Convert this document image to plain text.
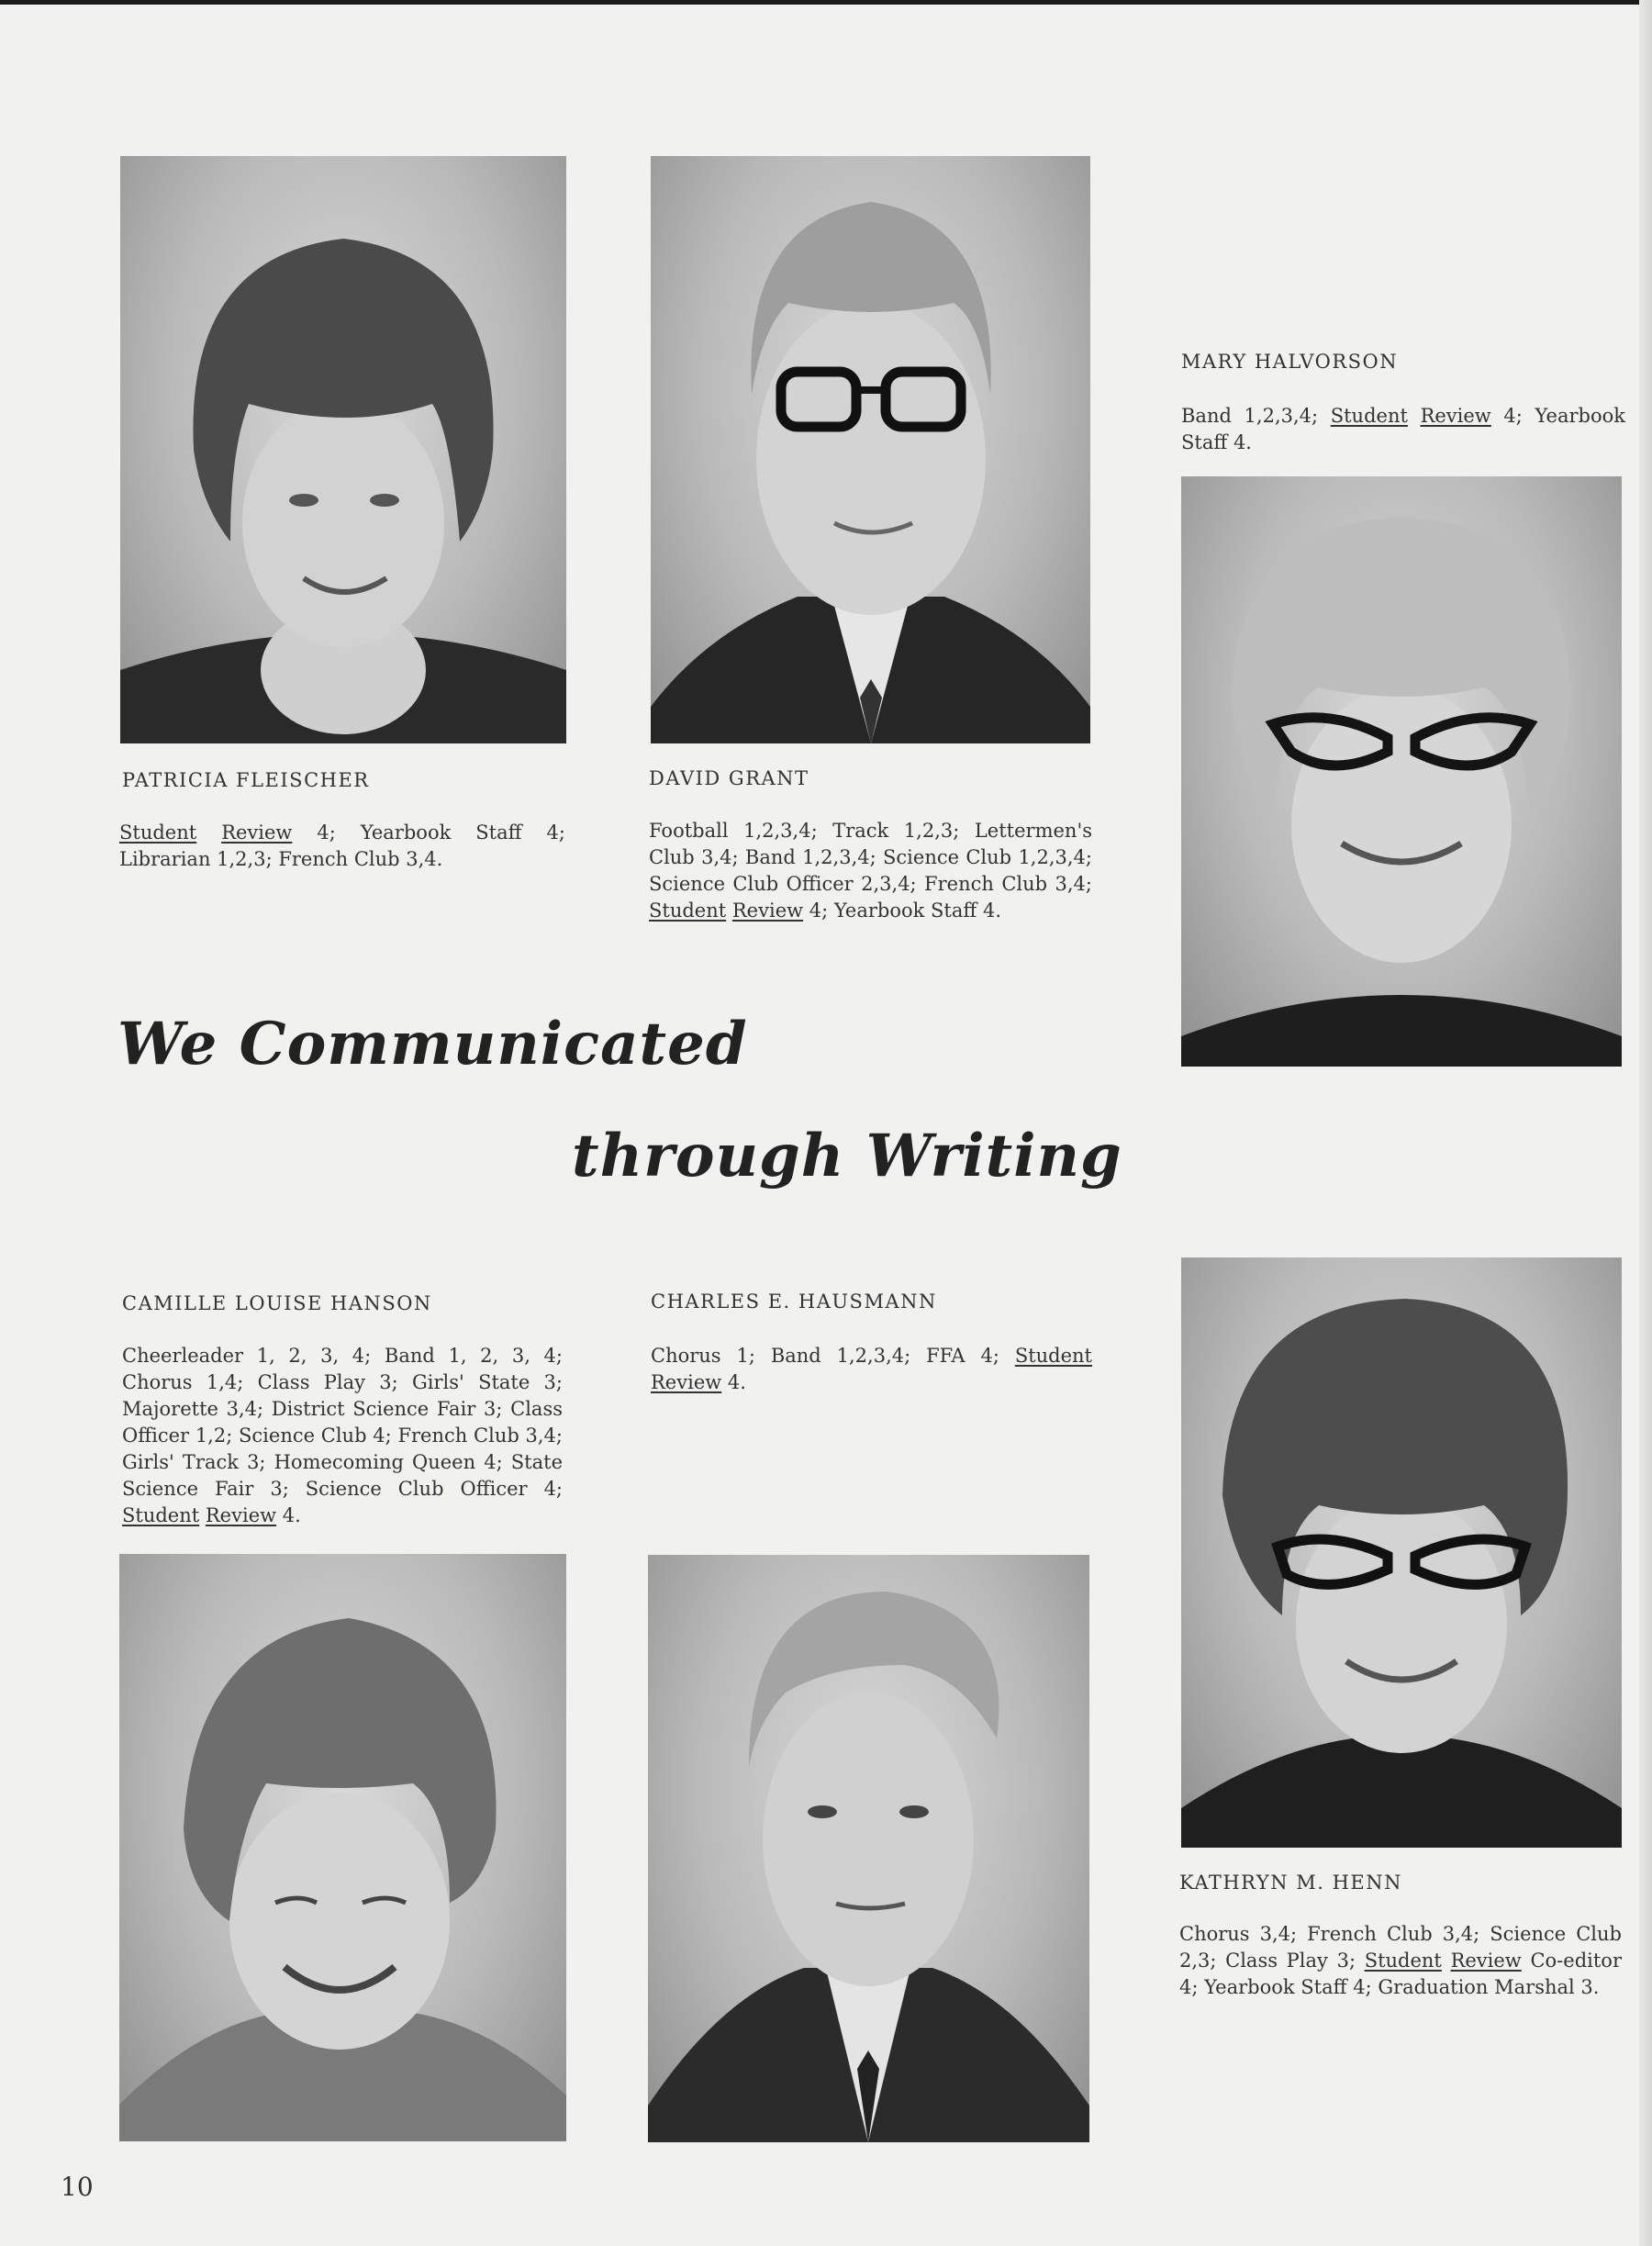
PATRICIA FLEISCHER

Student Review 4; Yearbook Staff 4; Librarian 1,2,3; French Club 3,4.

DAVID GRANT

Football 1,2,3,4; Track 1,2,3; Lettermen's Club 3,4; Band 1,2,3,4; Science Club 1,2,3,4; Science Club Officer 2,3,4; French Club 3,4; Student Review 4; Yearbook Staff 4.

MARY HALVORSON

Band 1,2,3,4; Student Review 4; Yearbook Staff 4.

We Communicated
through Writing
CAMILLE LOUISE HANSON

Cheerleader 1, 2, 3, 4; Band 1, 2, 3, 4; Chorus 1,4; Class Play 3; Girls' State 3; Majorette 3,4; District Science Fair 3; Class Officer 1,2; Science Club 4; French Club 3,4; Girls' Track 3; Homecoming Queen 4; State Science Fair 3; Science Club Officer 4; Student Review 4.

CHARLES E. HAUSMANN

Chorus 1; Band 1,2,3,4; FFA 4; Student Review 4.

KATHRYN M. HENN

Chorus 3,4; French Club 3,4; Science Club 2,3; Class Play 3; Student Review Co-editor 4; Yearbook Staff 4; Graduation Marshal 3.

10
